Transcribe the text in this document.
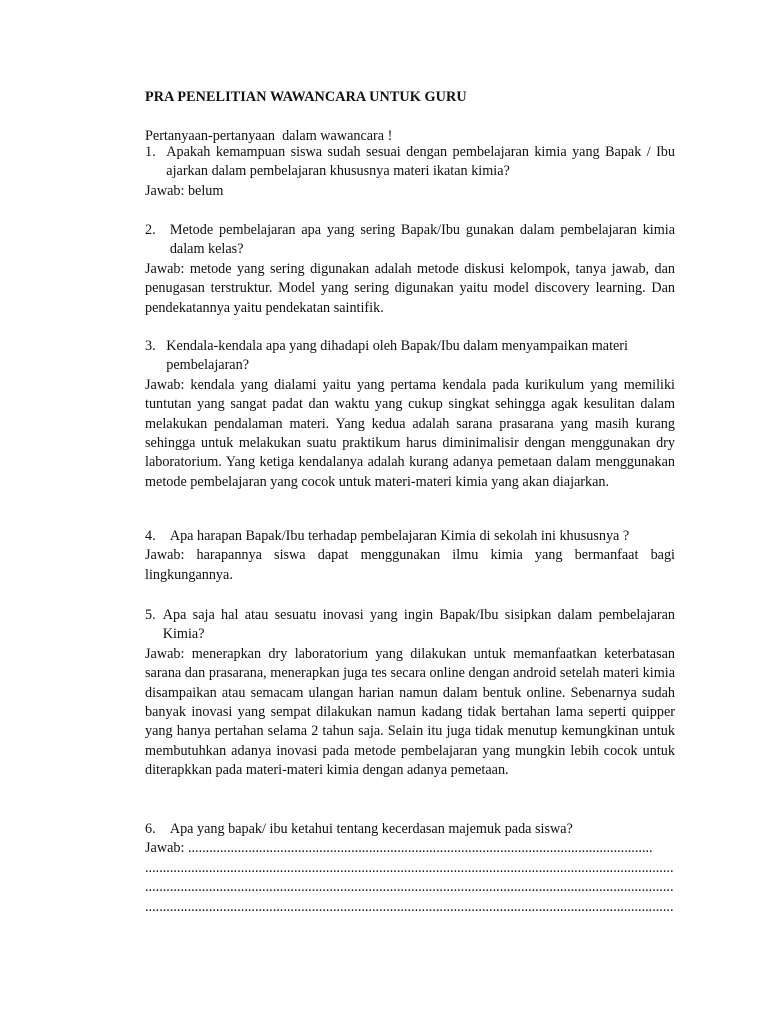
PRA PENELITIAN WAWANCARA UNTUK GURU
Pertanyaan-pertanyaan  dalam wawancara !
1. Apakah kemampuan siswa sudah sesuai dengan pembelajaran kimia yang Bapak / Ibu ajarkan dalam pembelajaran khususnya materi ikatan kimia?
Jawab: belum
2. Metode pembelajaran apa yang sering Bapak/Ibu gunakan dalam pembelajaran kimia dalam kelas?
Jawab: metode yang sering digunakan adalah metode diskusi kelompok, tanya jawab, dan penugasan terstruktur. Model yang sering digunakan yaitu model discovery learning. Dan pendekatannya yaitu pendekatan saintifik.
3. Kendala-kendala apa yang dihadapi oleh Bapak/Ibu dalam menyampaikan materi pembelajaran?
Jawab: kendala yang dialami yaitu yang pertama kendala pada kurikulum yang memiliki tuntutan yang sangat padat dan waktu yang cukup singkat sehingga agak kesulitan dalam melakukan pendalaman materi. Yang kedua adalah sarana prasarana yang masih kurang sehingga untuk melakukan suatu praktikum harus diminimalisir dengan menggunakan dry laboratorium. Yang ketiga kendalanya adalah kurang adanya pemetaan dalam menggunakan metode pembelajaran yang cocok untuk materi-materi kimia yang akan diajarkan.
4. Apa harapan Bapak/Ibu terhadap pembelajaran Kimia di sekolah ini khususnya ?
Jawab: harapannya siswa dapat menggunakan ilmu kimia yang bermanfaat bagi lingkungannya.
5. Apa saja hal atau sesuatu inovasi yang ingin Bapak/Ibu sisipkan dalam pembelajaran Kimia?
Jawab: menerapkan dry laboratorium yang dilakukan untuk memanfaatkan keterbatasan sarana dan prasarana, menerapkan juga tes secara online dengan android setelah materi kimia disampaikan atau semacam ulangan harian namun dalam bentuk online. Sebenarnya sudah banyak inovasi yang sempat dilakukan namun kadang tidak bertahan lama seperti quipper yang hanya pertahan selama 2 tahun saja. Selain itu juga tidak menutup kemungkinan untuk membutuhkan adanya inovasi pada metode pembelajaran yang mungkin lebih cocok untuk diterapkkan pada materi-materi kimia dengan adanya pemetaan.
6. Apa yang bapak/ ibu ketahui tentang kecerdasan majemuk pada siswa?
Jawab: ...................................................................................................................................
.....................................................................................................................................................
.....................................................................................................................................................
.....................................................................................................................................................
